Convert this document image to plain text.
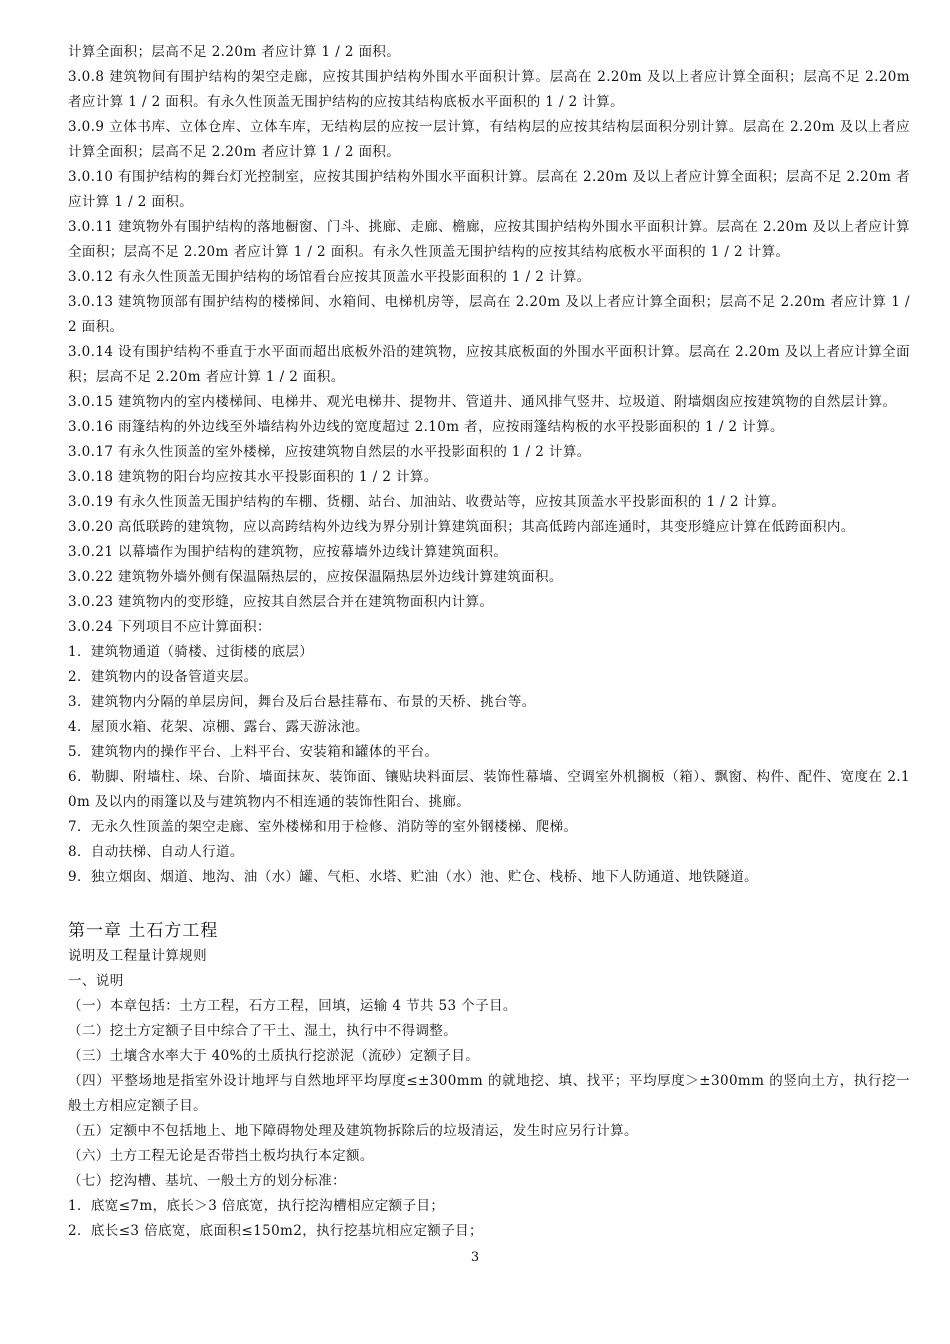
计算全面积；层高不足 2.20m 者应计算 1 / 2 面积。

3.0.8 建筑物间有围护结构的架空走廊，应按其围护结构外围水平面积计算。层高在 2.20m 及以上者应计算全面积；层高不足 2.20m 者应计算 1 / 2 面积。有永久性顶盖无围护结构的应按其结构底板水平面积的 1 / 2 计算。

3.0.9 立体书库、立体仓库、立体车库，无结构层的应按一层计算，有结构层的应按其结构层面积分别计算。层高在 2.20m 及以上者应计算全面积；层高不足 2.20m 者应计算 1 / 2 面积。

3.0.10 有围护结构的舞台灯光控制室，应按其围护结构外围水平面积计算。层高在 2.20m 及以上者应计算全面积；层高不足 2.20m 者应计算 1 / 2 面积。

3.0.11 建筑物外有围护结构的落地橱窗、门斗、挑廊、走廊、檐廊，应按其围护结构外围水平面积计算。层高在 2.20m 及以上者应计算全面积；层高不足 2.20m 者应计算 1 / 2 面积。有永久性顶盖无围护结构的应按其结构底板水平面积的 1 / 2 计算。

3.0.12 有永久性顶盖无围护结构的场馆看台应按其顶盖水平投影面积的 1 / 2 计算。

3.0.13 建筑物顶部有围护结构的楼梯间、水箱间、电梯机房等，层高在 2.20m 及以上者应计算全面积；层高不足 2.20m 者应计算 1 / 2 面积。

3.0.14 设有围护结构不垂直于水平面而超出底板外沿的建筑物，应按其底板面的外围水平面积计算。层高在 2.20m 及以上者应计算全面积；层高不足 2.20m 者应计算 1 / 2 面积。

3.0.15 建筑物内的室内楼梯间、电梯井、观光电梯井、提物井、管道井、通风排气竖井、垃圾道、附墙烟囱应按建筑物的自然层计算。

3.0.16 雨篷结构的外边线至外墙结构外边线的宽度超过 2.10m 者，应按雨篷结构板的水平投影面积的 1 / 2 计算。

3.0.17 有永久性顶盖的室外楼梯，应按建筑物自然层的水平投影面积的 1 / 2 计算。

3.0.18 建筑物的阳台均应按其水平投影面积的 1 / 2 计算。

3.0.19 有永久性顶盖无围护结构的车棚、货棚、站台、加油站、收费站等，应按其顶盖水平投影面积的 1 / 2 计算。

3.0.20 高低联跨的建筑物，应以高跨结构外边线为界分别计算建筑面积；其高低跨内部连通时，其变形缝应计算在低跨面积内。

3.0.21 以幕墙作为围护结构的建筑物，应按幕墙外边线计算建筑面积。

3.0.22 建筑物外墙外侧有保温隔热层的，应按保温隔热层外边线计算建筑面积。

3.0.23 建筑物内的变形缝，应按其自然层合并在建筑物面积内计算。

3.0.24 下列项目不应计算面积：

1．建筑物通道（骑楼、过街楼的底层）

2．建筑物内的设备管道夹层。

3．建筑物内分隔的单层房间，舞台及后台悬挂幕布、布景的天桥、挑台等。

4．屋顶水箱、花架、凉棚、露台、露天游泳池。

5．建筑物内的操作平台、上料平台、安装箱和罐体的平台。

6．勒脚、附墙柱、垛、台阶、墙面抹灰、装饰面、镶贴块料面层、装饰性幕墙、空调室外机搁板（箱）、飘窗、构件、配件、宽度在 2.10m 及以内的雨篷以及与建筑物内不相连通的装饰性阳台、挑廊。

7．无永久性顶盖的架空走廊、室外楼梯和用于检修、消防等的室外钢楼梯、爬梯。

8．自动扶梯、自动人行道。

9．独立烟囱、烟道、地沟、油（水）罐、气柜、水塔、贮油（水）池、贮仓、栈桥、地下人防通道、地铁隧道。

第一章 土石方工程

说明及工程量计算规则

一、说明

（一）本章包括：土方工程，石方工程，回填，运输 4 节共 53 个子目。

（二）挖土方定额子目中综合了干土、湿土，执行中不得调整。

（三）土壤含水率大于 40%的土质执行挖淤泥（流砂）定额子目。

（四）平整场地是指室外设计地坪与自然地坪平均厚度≤±300mm 的就地挖、填、找平；平均厚度＞±300mm 的竖向土方，执行挖一般土方相应定额子目。

（五）定额中不包括地上、地下障碍物处理及建筑物拆除后的垃圾清运，发生时应另行计算。

（六）土方工程无论是否带挡土板均执行本定额。

（七）挖沟槽、基坑、一般土方的划分标准：

1．底宽≤7m，底长＞3 倍底宽，执行挖沟槽相应定额子目；

2．底长≤3 倍底宽，底面积≤150m2，执行挖基坑相应定额子目；

3
